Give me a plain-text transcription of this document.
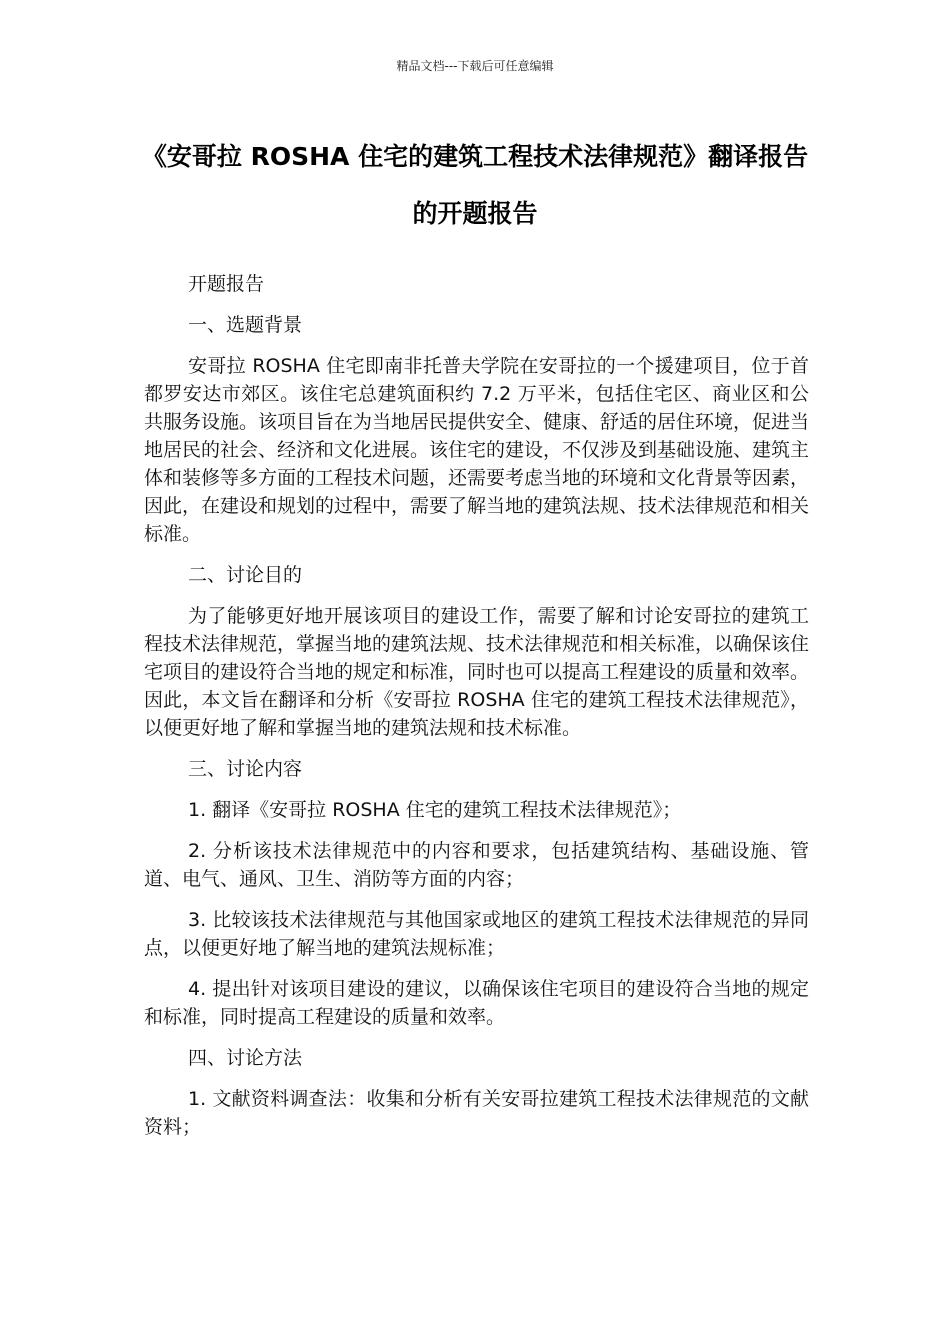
精品文档---下载后可任意编辑
《安哥拉 ROSHA 住宅的建筑工程技术法律规范》翻译报告的开题报告

开题报告

一、选题背景

安哥拉 ROSHA 住宅即南非托普夫学院在安哥拉的一个援建项目，位于首都罗安达市郊区。该住宅总建筑面积约 7.2 万平米，包括住宅区、商业区和公共服务设施。该项目旨在为当地居民提供安全、健康、舒适的居住环境，促进当地居民的社会、经济和文化进展。该住宅的建设，不仅涉及到基础设施、建筑主体和装修等多方面的工程技术问题，还需要考虑当地的环境和文化背景等因素，因此，在建设和规划的过程中，需要了解当地的建筑法规、技术法律规范和相关标准。

二、讨论目的

为了能够更好地开展该项目的建设工作，需要了解和讨论安哥拉的建筑工程技术法律规范，掌握当地的建筑法规、技术法律规范和相关标准，以确保该住宅项目的建设符合当地的规定和标准，同时也可以提高工程建设的质量和效率。因此，本文旨在翻译和分析《安哥拉 ROSHA 住宅的建筑工程技术法律规范》，以便更好地了解和掌握当地的建筑法规和技术标准。

三、讨论内容

1. 翻译《安哥拉 ROSHA 住宅的建筑工程技术法律规范》；

2. 分析该技术法律规范中的内容和要求，包括建筑结构、基础设施、管道、电气、通风、卫生、消防等方面的内容；

3. 比较该技术法律规范与其他国家或地区的建筑工程技术法律规范的异同点，以便更好地了解当地的建筑法规标准；

4. 提出针对该项目建设的建议，以确保该住宅项目的建设符合当地的规定和标准，同时提高工程建设的质量和效率。

四、讨论方法

1. 文献资料调查法：收集和分析有关安哥拉建筑工程技术法律规范的文献资料；
